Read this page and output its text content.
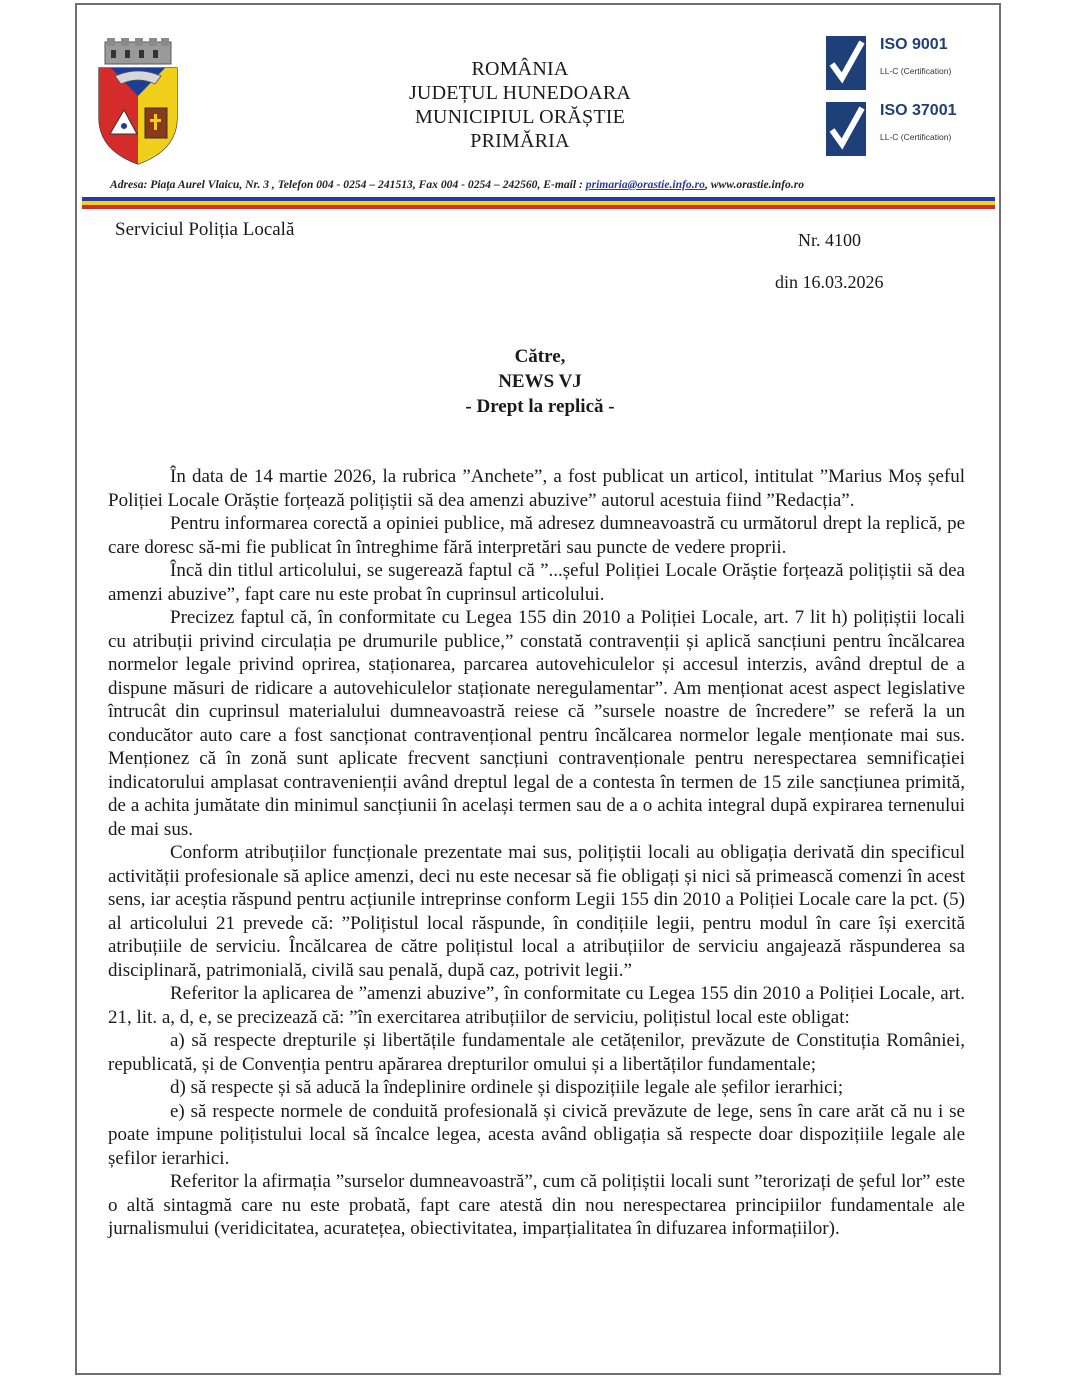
ROMÂNIA
JUDEȚUL HUNEDOARA
MUNICIPIUL ORĂȘTIE
PRIMĂRIA
ISO 9001
LL-C (Certification)
ISO 37001
LL-C (Certification)
Adresa: Piața Aurel Vlaicu, Nr. 3 , Telefon 004 - 0254 – 241513, Fax 004 - 0254 – 242560, E-mail : primaria@orastie.info.ro, www.orastie.info.ro
Serviciul Poliția Locală	Nr. 4100
din 16.03.2026
Către,
NEWS VJ
- Drept la replică -

În data de 14 martie 2026, la rubrica ”Anchete”, a fost publicat un articol, intitulat ”Marius Moș șeful Poliției Locale Orăștie forțează polițiștii să dea amenzi abuzive” autorul acestuia fiind ”Redacția”.

Pentru informarea corectă a opiniei publice, mă adresez dumneavoastră cu următorul drept la replică, pe care doresc să-mi fie publicat în întreghime fără interpretări sau puncte de vedere proprii.

Încă din titlul articolului, se sugerează faptul că ”...șeful Poliției Locale Orăștie forțează polițiștii să dea amenzi abuzive”, fapt care nu este probat în cuprinsul articolului.

Precizez faptul că, în conformitate cu Legea 155 din 2010 a Poliției Locale, art. 7 lit h) polițiștii locali cu atribuții privind circulația pe drumurile publice,” constată contravenții și aplică sancțiuni pentru încălcarea normelor legale privind oprirea, staționarea, parcarea autovehiculelor și accesul interzis, având dreptul de a dispune măsuri de ridicare a autovehiculelor staționate neregulamentar”. Am menționat acest aspect legislative întrucât din cuprinsul materialului dumneavoastră reiese că ”sursele noastre de încredere” se referă la un conducător auto care a fost sancționat contravențional pentru încălcarea normelor legale menționate mai sus. Menționez că în zonă sunt aplicate frecvent sancțiuni contravenționale pentru nerespectarea semnificației indicatorului amplasat contravenienții având dreptul legal de a contesta în termen de 15 zile sancțiunea primită, de a achita jumătate din minimul sancțiunii în același termen sau de a o achita integral după expirarea ternenului de mai sus.

Conform atribuțiilor funcționale prezentate mai sus, polițiștii locali au obligația derivată din specificul activității profesionale să aplice amenzi, deci nu este necesar să fie obligați și nici să primească comenzi în acest sens, iar aceștia răspund pentru acțiunile intreprinse conform Legii 155 din 2010 a Poliției Locale care la pct. (5) al articolului 21 prevede că: ”Polițistul local răspunde, în condițiile legii, pentru modul în care își exercită atribuțiile de serviciu. Încălcarea de către polițistul local a atribuțiilor de serviciu angajează răspunderea sa disciplinară, patrimonială, civilă sau penală, după caz, potrivit legii.”

Referitor la aplicarea de ”amenzi abuzive”, în conformitate cu Legea 155 din 2010 a Poliției Locale, art. 21, lit. a, d, e, se precizează că: ”în exercitarea atribuțiilor de serviciu, polițistul local este obligat:

a) să respecte drepturile și libertățile fundamentale ale cetățenilor, prevăzute de Constituția României, republicată, și de Convenția pentru apărarea drepturilor omului și a libertăților fundamentale;

d) să respecte și să aducă la îndeplinire ordinele și dispozițiile legale ale șefilor ierarhici;

e) să respecte normele de conduită profesională și civică prevăzute de lege, sens în care arăt că nu i se poate impune polițistului local să încalce legea, acesta având obligația să respecte doar dispozițiile legale ale șefilor ierarhici.

Referitor la afirmația ”surselor dumneavoastră”, cum că polițiștii locali sunt ”terorizați de șeful lor” este o altă sintagmă care nu este probată, fapt care atestă din nou nerespectarea principiilor fundamentale ale jurnalismului (veridicitatea, acuratețea, obiectivitatea, imparțialitatea în difuzarea informațiilor).
